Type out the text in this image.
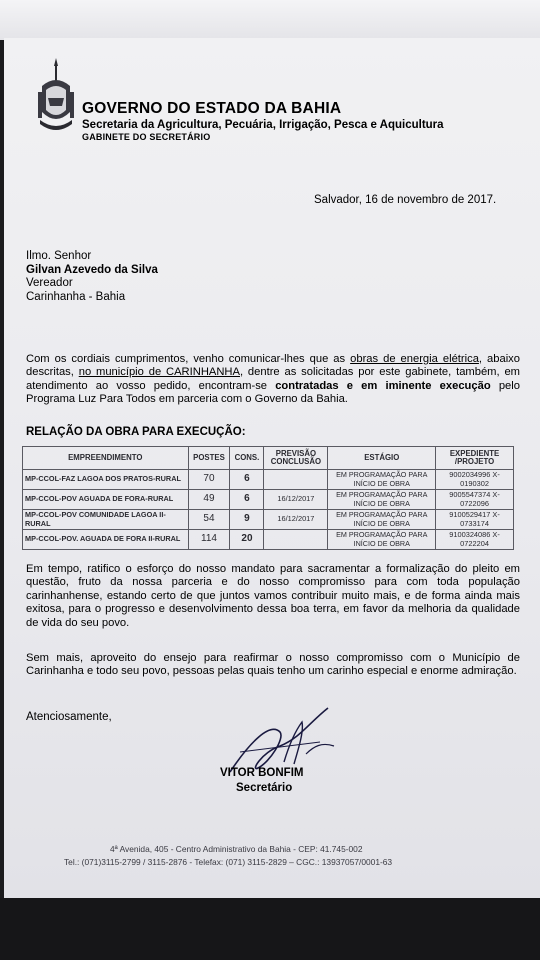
GOVERNO DO ESTADO DA BAHIA
Secretaria da Agricultura, Pecuária, Irrigação, Pesca e Aquicultura
GABINETE DO SECRETÁRIO
Salvador, 16 de novembro de 2017.
Ilmo. Senhor
Gilvan Azevedo da Silva
Vereador
Carinhanha - Bahia
Com os cordiais cumprimentos, venho comunicar-lhes que as obras de energia elétrica, abaixo descritas, no município de CARINHANHA, dentre as solicitadas por este gabinete, também, em atendimento ao vosso pedido, encontram-se contratadas e em iminente execução pelo Programa Luz Para Todos em parceria com o Governo da Bahia.
RELAÇÃO DA OBRA PARA EXECUÇÃO:
EMPREENDIMENTO	POSTES	CONS.	PREVISÃO CONCLUSÃO	ESTÁGIO	EXPEDIENTE /PROJETO
MP-CCOL-FAZ LAGOA DOS PRATOS-RURAL	70	6		EM PROGRAMAÇÃO PARA INÍCIO DE OBRA	9002034996 X-0190302
MP-CCOL-POV AGUADA DE FORA-RURAL	49	6	16/12/2017	EM PROGRAMAÇÃO PARA INÍCIO DE OBRA	9005547374 X-0722096
MP-CCOL-POV COMUNIDADE LAGOA II-RURAL	54	9	16/12/2017	EM PROGRAMAÇÃO PARA INÍCIO DE OBRA	9100529417 X-0733174
MP-CCOL-POV. AGUADA DE FORA II-RURAL	114	20		EM PROGRAMAÇÃO PARA INÍCIO DE OBRA	9100324086 X-0722204
Em tempo, ratifico o esforço do nosso mandato para sacramentar a formalização do pleito em questão, fruto da nossa parceria e do nosso compromisso para com toda população carinhanhense, estando certo de que juntos vamos contribuir muito mais, e de forma ainda mais exitosa, para o progresso e desenvolvimento dessa boa terra, em favor da melhoria da qualidade de vida do seu povo.
Sem mais, aproveito do ensejo para reafirmar o nosso compromisso com o Município de Carinhanha e todo seu povo, pessoas pelas quais tenho um carinho especial e enorme admiração.
Atenciosamente,
VITOR BONFIM
Secretário
4ª Avenida, 405 - Centro Administrativo da Bahia - CEP: 41.745-002
Tel.: (071)3115-2799 / 3115-2876 - Telefax: (071) 3115-2829 – CGC.: 13937057/0001-63
